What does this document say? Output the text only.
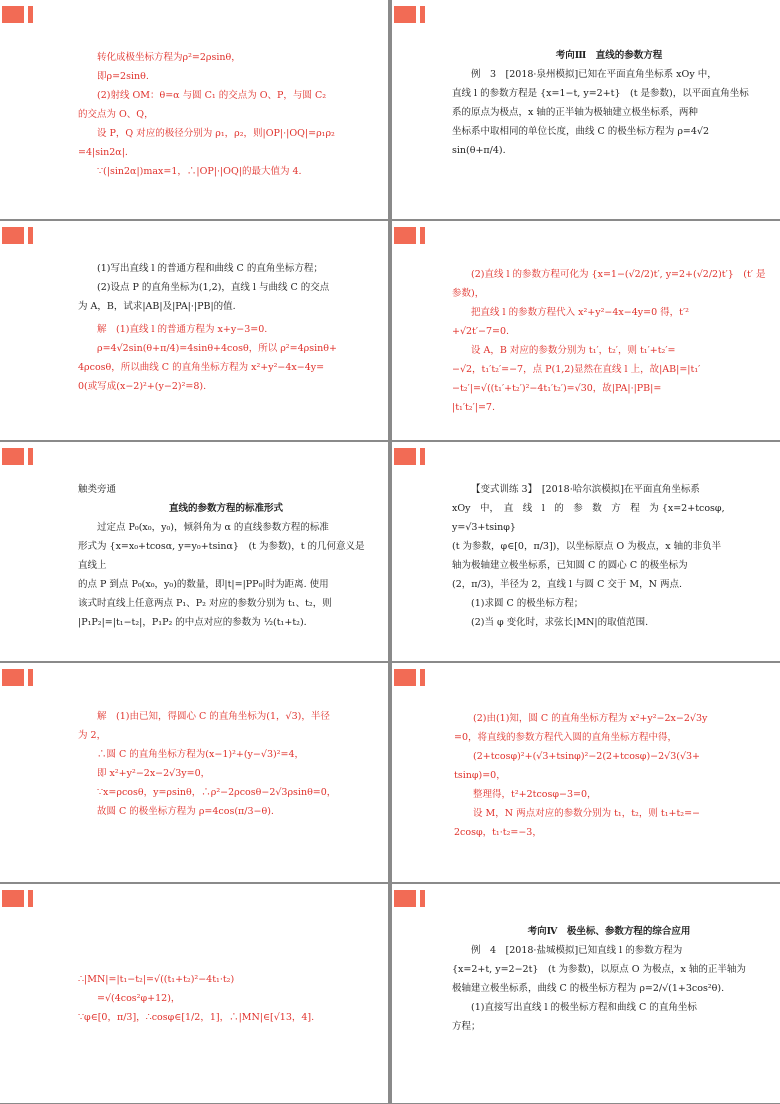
转化成极坐标方程为ρ²=2ρsinθ，

即ρ=2sinθ.

(2)射线 OM：θ=α 与圆 C₁ 的交点为 O、P，与圆 C₂

的交点为 O、Q，

设 P，Q 对应的极径分别为 ρ₁，ρ₂，则|OP|·|OQ|=ρ₁ρ₂

=4|sin2α|.

∵(|sin2α|)max=1，∴|OP|·|OQ|的最大值为 4.

考向Ⅲ　直线的参数方程

例　3　[2018·泉州模拟]已知在平面直角坐标系 xOy 中，

直线 l 的参数方程是 {x=1−t, y=2+t}　(t 是参数)，以平面直角坐标

系的原点为极点，x 轴的正半轴为极轴建立极坐标系，两种

坐标系中取相同的单位长度，曲线 C 的极坐标方程为 ρ=4√2

sin(θ+π/4).

(1)写出直线 l 的普通方程和曲线 C 的直角坐标方程；

(2)设点 P 的直角坐标为(1,2)，直线 l 与曲线 C 的交点

为 A，B，试求|AB|及|PA|·|PB|的值.

解　(1)直线 l 的普通方程为 x+y−3=0.

ρ=4√2sin(θ+π/4)=4sinθ+4cosθ，所以 ρ²=4ρsinθ+

4ρcosθ，所以曲线 C 的直角坐标方程为 x²+y²−4x−4y=

0(或写成(x−2)²+(y−2)²=8).

(2)直线 l 的参数方程可化为 {x=1−(√2/2)t′, y=2+(√2/2)t′}　(t′ 是

参数)，

把直线 l 的参数方程代入 x²+y²−4x−4y=0 得，t′²

+√2t′−7=0.

设 A，B 对应的参数分别为 t₁′，t₂′，则 t₁′+t₂′=

−√2，t₁′t₂′=−7，点 P(1,2)显然在直线 l 上，故|AB|=|t₁′

−t₂′|=√((t₁′+t₂′)²−4t₁′t₂′)=√30，故|PA|·|PB|=

|t₁′t₂′|=7.

触类旁通

直线的参数方程的标准形式

过定点 P₀(x₀，y₀)，倾斜角为 α 的直线参数方程的标准

形式为 {x=x₀+tcosα, y=y₀+tsinα}　(t 为参数)，t 的几何意义是直线上

的点 P 到点 P₀(x₀，y₀)的数量，即|t|=|PP₀|时为距离. 使用

该式时直线上任意两点 P₁、P₂ 对应的参数分别为 t₁、t₂，则

|P₁P₂|=|t₁−t₂|，P₁P₂ 的中点对应的参数为 ½(t₁+t₂).

【变式训练 3】　[2018·哈尔滨模拟]在平面直角坐标系

xOy　中，　直　线　l　的　参　数　方　程　为 {x=2+tcosφ, y=√3+tsinφ}

(t 为参数，φ∈[0，π/3])，以坐标原点 O 为极点，x 轴的非负半

轴为极轴建立极坐标系，已知圆 C 的圆心 C 的极坐标为

(2，π/3)，半径为 2，直线 l 与圆 C 交于 M，N 两点.

(1)求圆 C 的极坐标方程；

(2)当 φ 变化时，求弦长|MN|的取值范围.

解　(1)由已知，得圆心 C 的直角坐标为(1，√3)，半径

为 2，

∴圆 C 的直角坐标方程为(x−1)²+(y−√3)²=4，

即 x²+y²−2x−2√3y=0，

∵x=ρcosθ，y=ρsinθ，∴ρ²−2ρcosθ−2√3ρsinθ=0，

故圆 C 的极坐标方程为 ρ=4cos(π/3−θ).

(2)由(1)知，圆 C 的直角坐标方程为 x²+y²−2x−2√3y

=0，将直线的参数方程代入圆的直角坐标方程中得，

(2+tcosφ)²+(√3+tsinφ)²−2(2+tcosφ)−2√3(√3+

tsinφ)=0，

整理得，t²+2tcosφ−3=0，

设 M，N 两点对应的参数分别为 t₁，t₂，则 t₁+t₂=−

2cosφ，t₁·t₂=−3，

∴|MN|=|t₁−t₂|=√((t₁+t₂)²−4t₁·t₂)

=√(4cos²φ+12)，

∵φ∈[0，π/3]，∴cosφ∈[1/2，1]，∴|MN|∈[√13，4].

考向Ⅳ　极坐标、参数方程的综合应用

例　4　[2018·盐城模拟]已知直线 l 的参数方程为

{x=2+t, y=2−2t}　(t 为参数)，以原点 O 为极点，x 轴的正半轴为

极轴建立极坐标系，曲线 C 的极坐标方程为 ρ=2/√(1+3cos²θ).

(1)直接写出直线 l 的极坐标方程和曲线 C 的直角坐标

方程；
